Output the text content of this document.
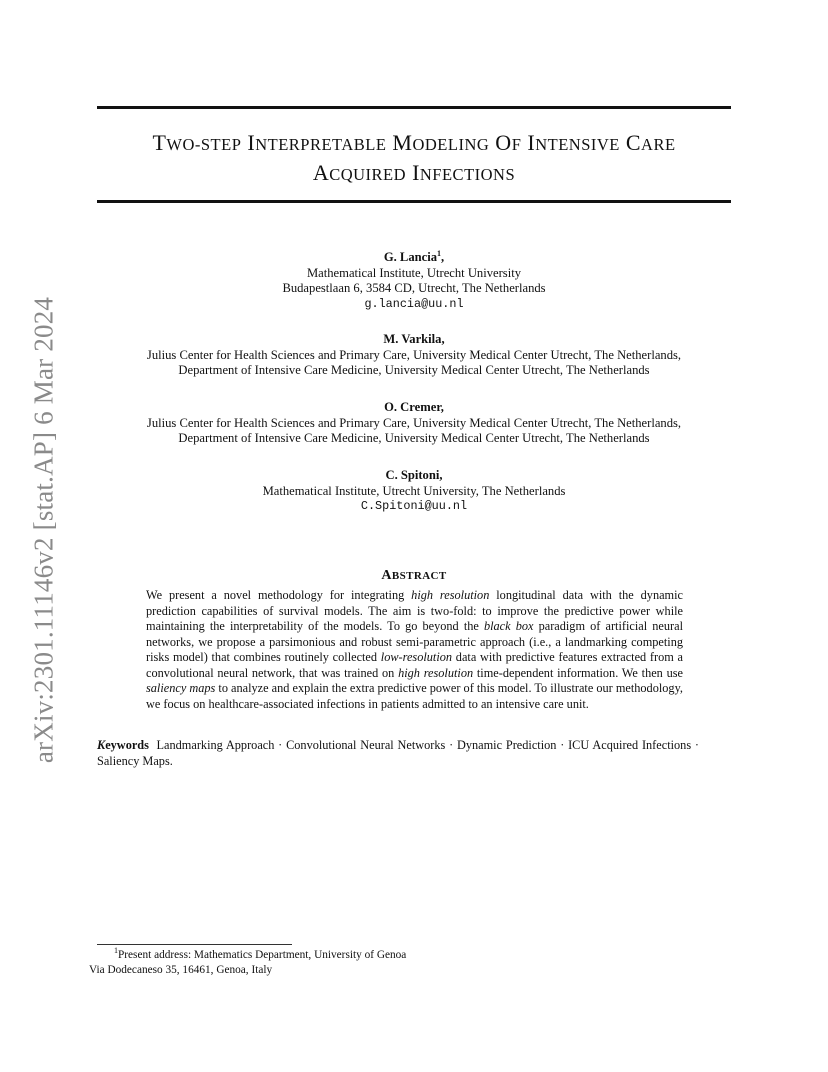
arXiv:2301.11146v2 [stat.AP] 6 Mar 2024
TWO-STEP INTERPRETABLE MODELING OF INTENSIVE CARE
ACQUIRED INFECTIONS
G. Lancia$^1$,
Mathematical Institute, Utrecht University
Budapestlaan 6, 3584 CD, Utrecht, The Netherlands
g.lancia@uu.nl
M. Varkila,
Julius Center for Health Sciences and Primary Care, University Medical Center Utrecht, The Netherlands,
Department of Intensive Care Medicine, University Medical Center Utrecht, The Netherlands
O. Cremer,
Julius Center for Health Sciences and Primary Care, University Medical Center Utrecht, The Netherlands,
Department of Intensive Care Medicine, University Medical Center Utrecht, The Netherlands
C. Spitoni,
Mathematical Institute, Utrecht University, The Netherlands
C.Spitoni@uu.nl
ABSTRACT
We present a novel methodology for integrating high resolution longitudinal data with the dynamic prediction capabilities of survival models. The aim is two-fold: to improve the predictive power while maintaining the interpretability of the models. To go beyond the black box paradigm of artificial neural networks, we propose a parsimonious and robust semi-parametric approach (i.e., a landmarking competing risks model) that combines routinely collected low-resolution data with predictive features extracted from a convolutional neural network, that was trained on high resolution time-dependent information. We then use saliency maps to analyze and explain the extra predictive power of this model. To illustrate our methodology, we focus on healthcare-associated infections in patients admitted to an intensive care unit.
Keywords Landmarking Approach · Convolutional Neural Networks · Dynamic Prediction · ICU Acquired Infections · Saliency Maps.
$^1$Present address: Mathematics Department, University of Genoa
Via Dodecaneso 35, 16461, Genoa, Italy
